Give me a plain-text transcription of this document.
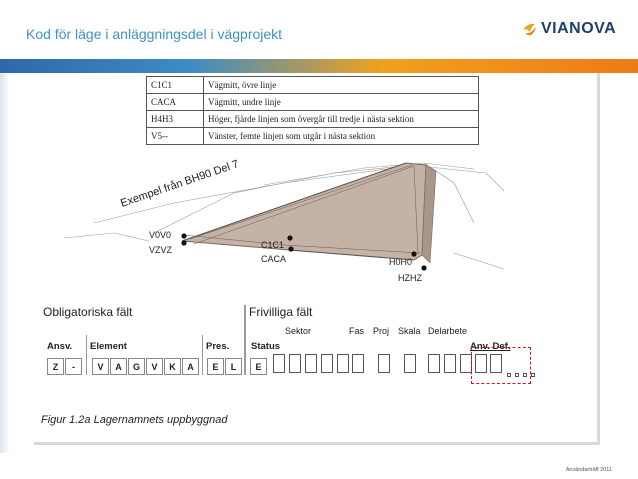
Kod för läge i anläggningsdel i vägprojekt	VIANOVA
C1C1	Vägmitt, övre linje
CACA	Vägmitt, undre linje
H4H3	Höger, fjärde linjen som övergår till tredje i nästa sektion
V5--	Vänster, femte linjen som utgår i nästa sektion
Exempel från BH90 Del 7
V0V0
VZVZ	C1C1
CACA	H0H0
HZHZ
Obligatoriska fält	Frivilliga fält
Sektor	Fas Proj Skala Delarbete
Ansv. Element	Pres. Status	Anv. Def.
Z	-	V	A	G	V	K	A	E	L	E
Figur 1.2a Lagernamnets uppbyggnad
Användarträff 2011
